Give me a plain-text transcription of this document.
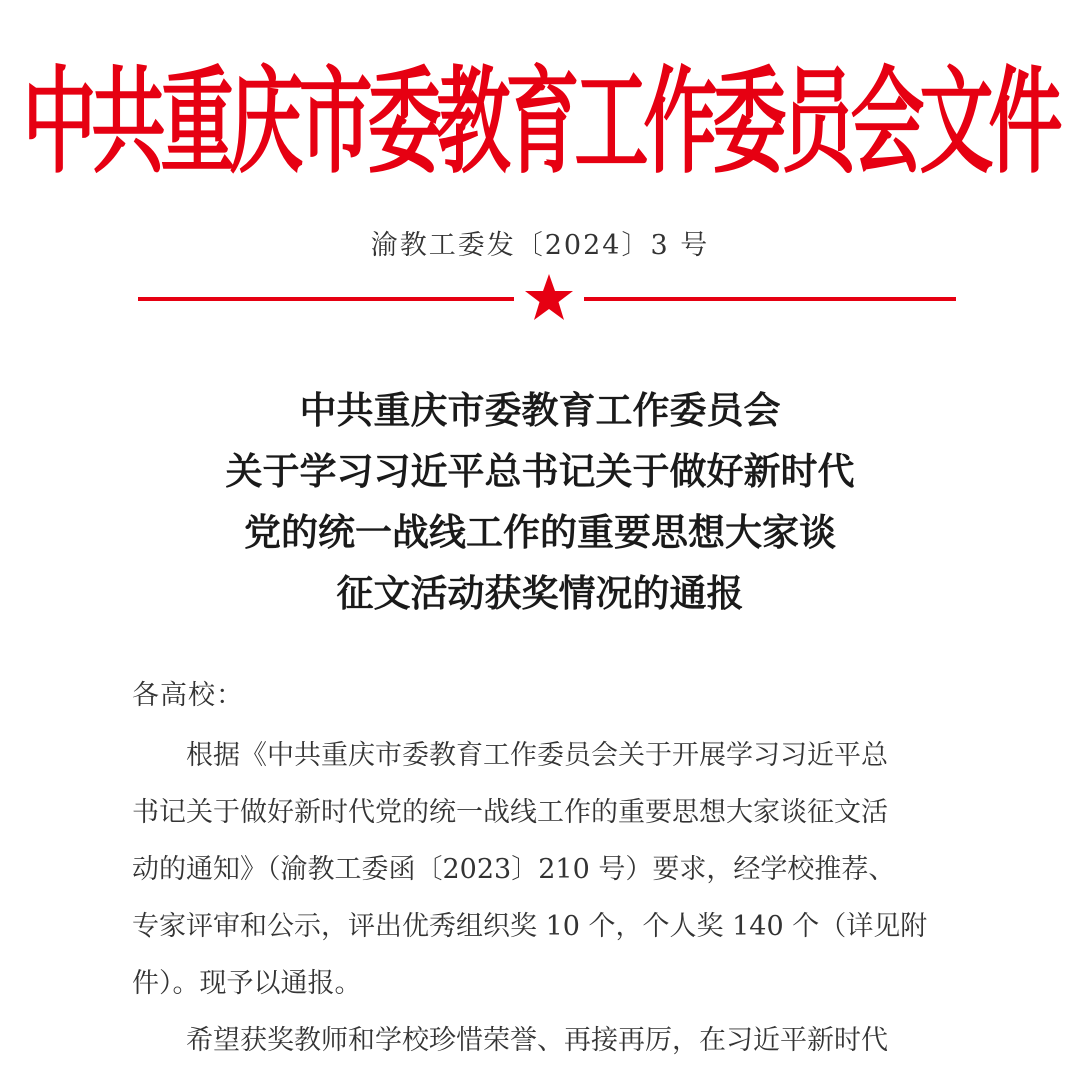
中共重庆市委教育工作委员会文件
渝教工委发〔2024〕3 号
中共重庆市委教育工作委员会
关于学习习近平总书记关于做好新时代
党的统一战线工作的重要思想大家谈
征文活动获奖情况的通报
各高校：
根据《中共重庆市委教育工作委员会关于开展学习习近平总
书记关于做好新时代党的统一战线工作的重要思想大家谈征文活
动的通知》（渝教工委函〔2023〕210 号）要求，经学校推荐、
专家评审和公示，评出优秀组织奖 10 个，个人奖 140 个（详见附
件）。现予以通报。
希望获奖教师和学校珍惜荣誉、再接再厉，在习近平新时代
